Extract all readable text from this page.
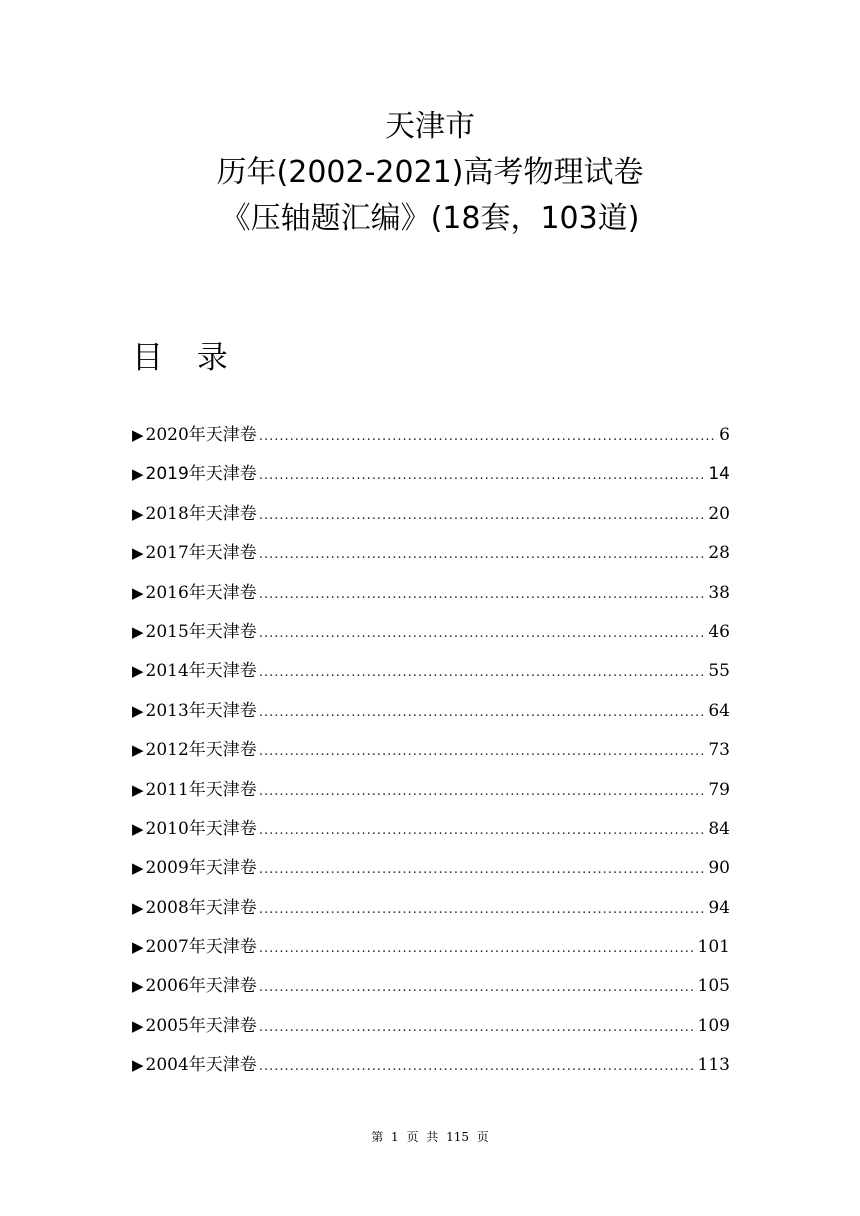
天津市
历年(2002-2021)高考物理试卷
《压轴题汇编》(18套，103道)
目 录
▶ 2020年天津卷 .....	6
▶ 2019年天津卷 .....	14
▶ 2018年天津卷 .....	20
▶ 2017年天津卷 .....	28
▶ 2016年天津卷 .....	38
▶ 2015年天津卷 .....	46
▶ 2014年天津卷 .....	55
▶ 2013年天津卷 .....	64
▶ 2012年天津卷 .....	73
▶ 2011年天津卷 .....	79
▶ 2010年天津卷 .....	84
▶ 2009年天津卷 .....	90
▶ 2008年天津卷 .....	94
▶ 2007年天津卷 .....	101
▶ 2006年天津卷 .....	105
▶ 2005年天津卷 .....	109
▶ 2004年天津卷 .....	113
第 1 页 共 115 页
